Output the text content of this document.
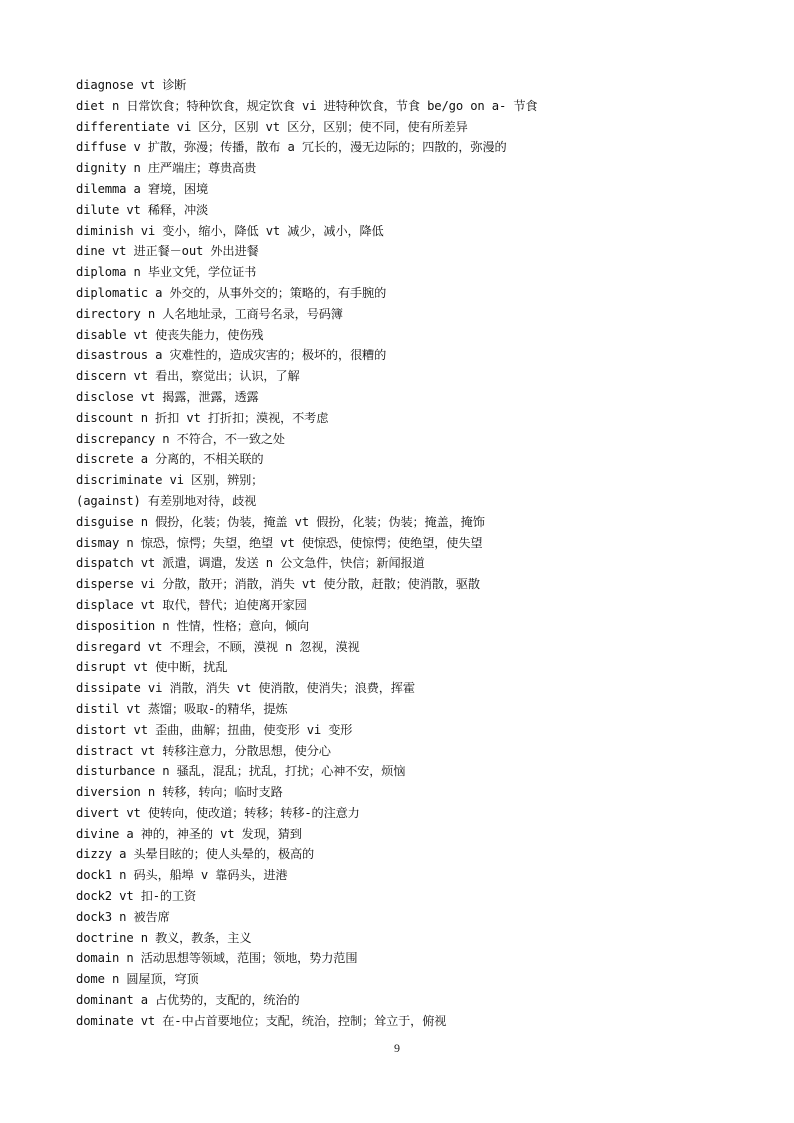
diagnose vt 诊断
diet n 日常饮食；特种饮食，规定饮食 vi 进特种饮食，节食 be/go on a- 节食
differentiate vi 区分，区别 vt 区分，区别；使不同，使有所差异
diffuse v 扩散，弥漫；传播，散布 a 冗长的，漫无边际的；四散的，弥漫的
dignity n 庄严端庄；尊贵高贵
dilemma a 窘境，困境
dilute vt 稀释，冲淡
diminish vi 变小，缩小，降低 vt 减少，减小，降低
dine vt 进正餐－out 外出进餐
diploma n 毕业文凭，学位证书
diplomatic a 外交的，从事外交的；策略的，有手腕的
directory n 人名地址录，工商号名录，号码簿
disable vt 使丧失能力，使伤残
disastrous a 灾难性的，造成灾害的；极坏的，很糟的
discern vt 看出，察觉出；认识，了解
disclose vt 揭露，泄露，透露
discount n 折扣 vt 打折扣；漠视，不考虑
discrepancy n 不符合，不一致之处
discrete a 分离的，不相关联的
discriminate vi 区别，辨别；
(against) 有差别地对待，歧视
disguise n 假扮，化装；伪装，掩盖 vt 假扮，化装；伪装；掩盖，掩饰
dismay n 惊恐，惊愕；失望，绝望 vt 使惊恐，使惊愕；使绝望，使失望
dispatch vt 派遣，调遣，发送 n 公文急件，快信；新闻报道
disperse vi 分散，散开；消散，消失 vt 使分散，赶散；使消散，驱散
displace vt 取代，替代；迫使离开家园
disposition n 性情，性格；意向，倾向
disregard vt 不理会，不顾，漠视 n 忽视，漠视
disrupt vt 使中断，扰乱
dissipate vi 消散，消失 vt 使消散，使消失；浪费，挥霍
distil vt 蒸馏；吸取-的精华，提炼
distort vt 歪曲，曲解；扭曲，使变形 vi 变形
distract vt 转移注意力，分散思想，使分心
disturbance n 骚乱，混乱；扰乱，打扰；心神不安，烦恼
diversion n 转移，转向；临时支路
divert vt 使转向，使改道；转移；转移-的注意力
divine a 神的，神圣的 vt 发现，猜到
dizzy a 头晕目眩的；使人头晕的，极高的
dock1 n 码头，船埠 v 靠码头，进港
dock2 vt 扣-的工资
dock3 n 被告席
doctrine n 教义，教条，主义
domain n 活动思想等领域，范围；领地，势力范围
dome n 圆屋顶，穹顶
dominant a 占优势的，支配的，统治的
dominate vt 在-中占首要地位；支配，统治，控制；耸立于，俯视
9
